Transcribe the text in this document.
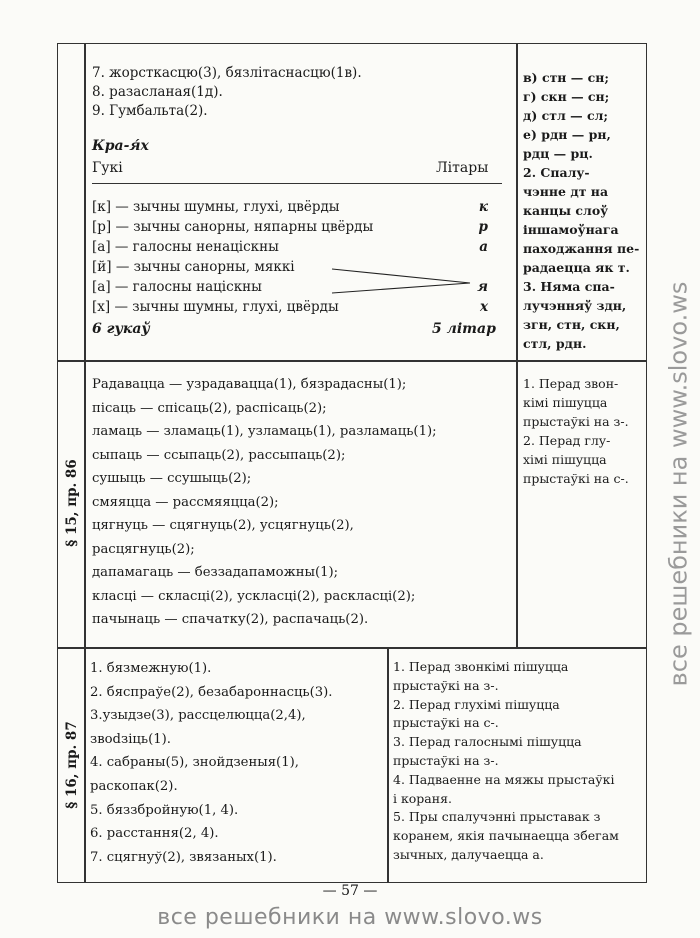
7. жорсткасцю(3), бязлітаснасцю(1в).
8. разасланая(1д).
9. Гумбальта(2).
Кра-я́х
Гукі	Літары
[к] — зычны шумны, глухі, цвёрды	к
[р] — зычны санорны, няпарны цвёрды	р
[а] — галосны ненаціскны	а
[й] — зычны санорны, мяккі
[а] — галосны націскны	я
[х] — зычны шумны, глухі, цвёрды	х
6 гукаў	5 літар
в) стн — сн;
г) скн — сн;
д) стл — сл;
е) рдн — рн,
рдц — рц.
2. Спалу-
чэнне дт на
канцы слоў
іншамоўнага
паходжання пе-
радаецца як т.
3. Няма спа-
лучэнняў здн,
згн, стн, скн,
стл, рдн.
§ 15, пр. 86
Радавацца — узрадавацца(1), бязрадасны(1);
пісаць — спісаць(2), распісаць(2);
ламаць — зламаць(1), узламаць(1), разламаць(1);
сыпаць — ссыпаць(2), рассыпаць(2);
сушыць — ссушыць(2);
смяяцца — рассмяяцца(2);
цягнуць — сцягнуць(2), усцягнуць(2),
расцягнуць(2);
дапамагаць — беззадапаможны(1);
класці — скласці(2), ускласці(2), раскласці(2);
пачынаць — спачатку(2), распачаць(2).
1. Перад звон-
кімі пішуцца
прыстаўкі на з-.
2. Перад глу-
хімі пішуцца
прыстаўкі на с-.
§ 16, пр. 87
1. бязмежную(1).
2. бяспраўе(2), безабароннасць(3).
3.узыдзе(3), рассцелюцца(2,4),
звodзіць(1).
4. сабраны(5), знойдзеныя(1),
раскопак(2).
5. бяззбройную(1, 4).
6. расстання(2, 4).
7. сцягнуў(2), звязаных(1).
1. Перад звонкімі пішуцца
прыстаўкі на з-.
2. Перад глухімі пішуцца
прыстаўкі на с-.
3. Перад галоснымі пішуцца
прыстаўкі на з-.
4. Падваенне на мяжы прыстаўкі
і кораня.
5. Пры спалучэнні прыставак з
коранем, якія пачынаецца збегам
зычных, далучаецца а.
— 57 —
все решебники на www.slovo.ws
все решебники на www.slovo.ws
